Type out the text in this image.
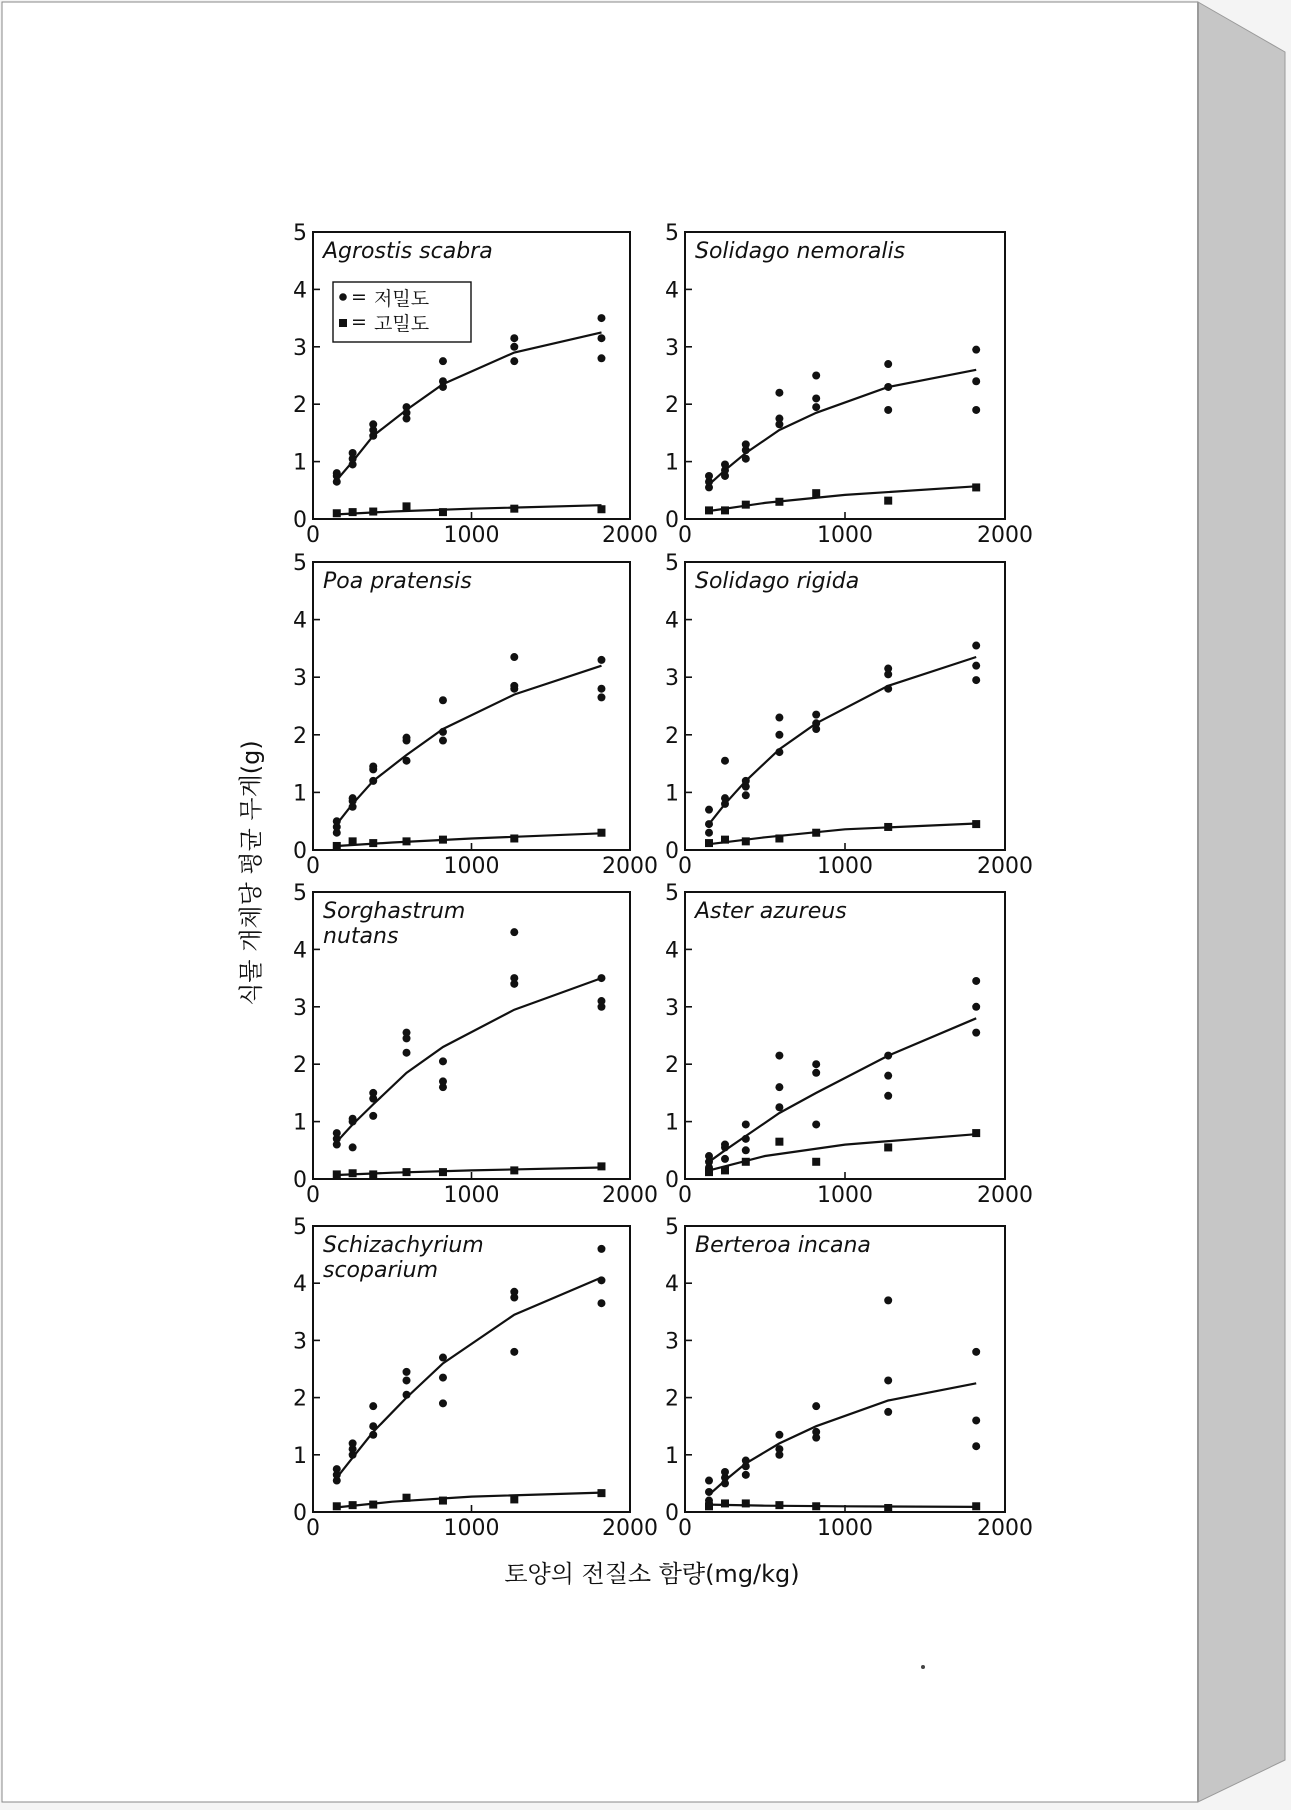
0
1
2
3
4
5
0	1000	2000
Agrostis scabra
0
1
2
3
4
5
0	1000	2000
Solidago nemoralis
0
1
2
3
4
5
0	1000	2000
Poa pratensis
0
1
2
3
4
5
0	1000	2000
Solidago rigida
0
1
2
3
4
5
0	1000	2000
Sorghastrum nutans
0
1
2
3
4
5
0	1000	2000
Aster azureus
0
1
2
3
4
5
0	1000	2000
Schizachyrium scoparium
0
1
2
3
4
5
0	1000	2000
Berteroa incana
식물 개체당 평균 무게(g)
토양의 전질소 함량(mg/kg)
= 저밀도
= 고밀도
